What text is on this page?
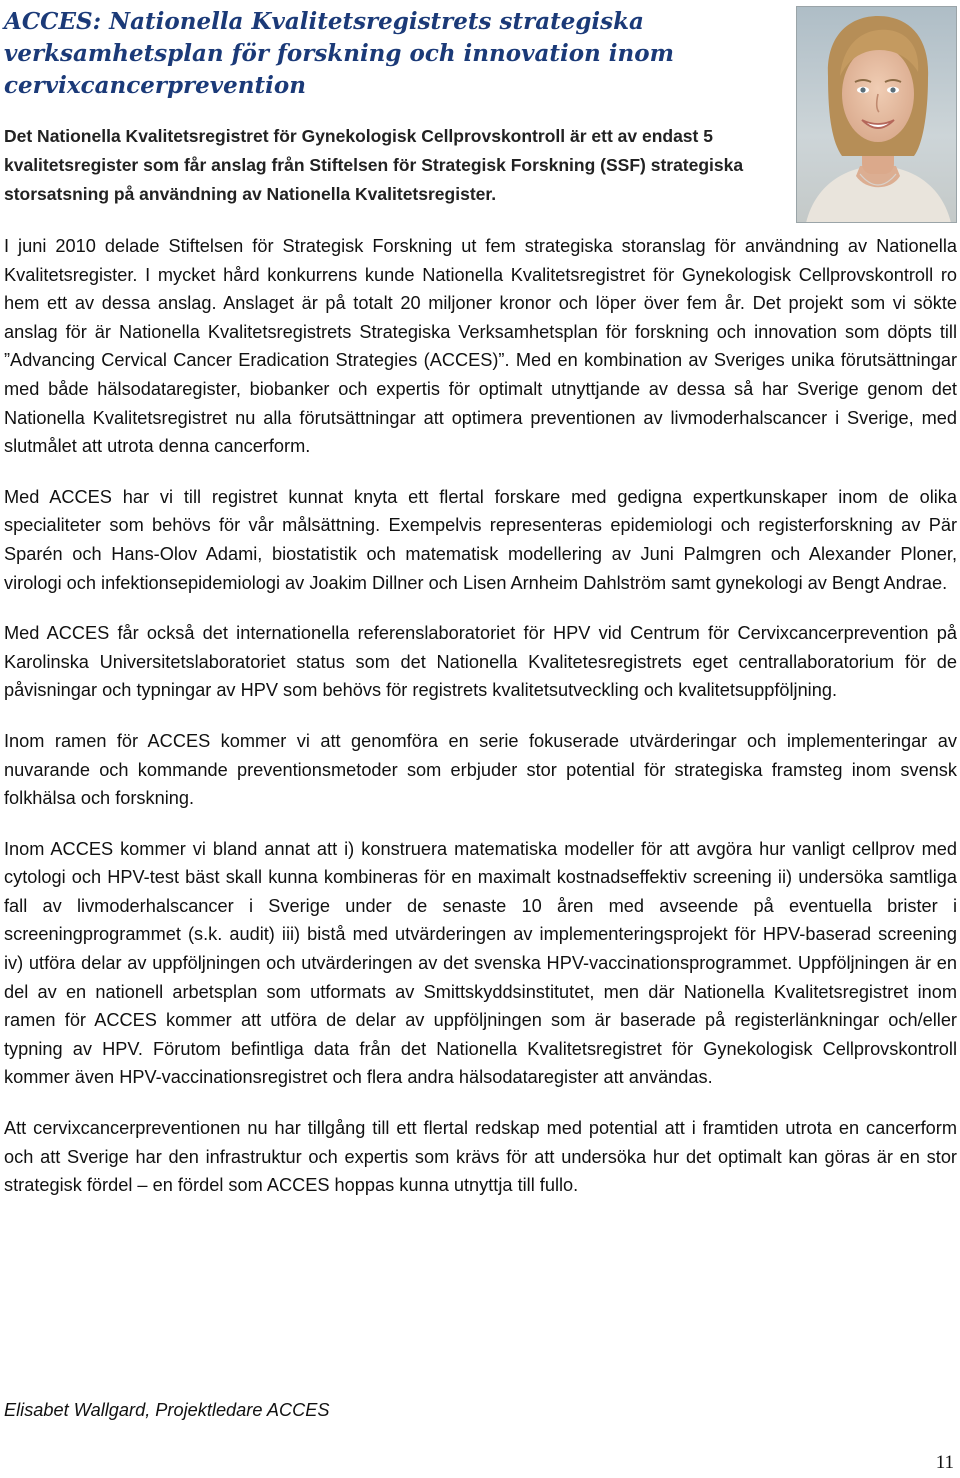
ACCES: Nationella Kvalitetsregistrets strategiska verksamhetsplan för forskning och innovation inom cervixcancerprevention

Det Nationella Kvalitetsregistret för Gynekologisk Cellprovskontroll är ett av endast 5 kvalitetsregister som får anslag från Stiftelsen för Strategisk Forskning (SSF) strategiska storsatsning på användning av Nationella Kvalitetsregister.

I juni 2010 delade Stiftelsen för Strategisk Forskning ut fem strategiska storanslag för användning av Nationella Kvalitetsregister. I mycket hård konkurrens kunde Nationella Kvalitetsregistret för Gynekologisk Cellprovskontroll ro hem ett av dessa anslag. Anslaget är på totalt 20 miljoner kronor och löper över fem år. Det projekt som vi sökte anslag för är Nationella Kvalitetsregistrets Strategiska Verksamhetsplan för forskning och innovation som döpts till ”Advancing Cervical Cancer Eradication Strategies (ACCES)”. Med en kombination av Sveriges unika förutsättningar med både hälsodataregister, biobanker och expertis för optimalt utnyttjande av dessa så har Sverige genom det Nationella Kvalitetsregistret nu alla förutsättningar att optimera preventionen av livmoderhalscancer i Sverige, med slutmålet att utrota denna cancerform.

Med ACCES har vi till registret kunnat knyta ett flertal forskare med gedigna expertkunskaper inom de olika specialiteter som behövs för vår målsättning. Exempelvis representeras epidemiologi och registerforskning av Pär Sparén och Hans-Olov Adami, biostatistik och matematisk modellering av Juni Palmgren och Alexander Ploner, virologi och infektionsepidemiologi av Joakim Dillner och Lisen Arnheim Dahlström samt gynekologi av Bengt Andrae.

Med ACCES får också det internationella referenslaboratoriet för HPV vid Centrum för Cervixcancerprevention på Karolinska Universitetslaboratoriet status som det Nationella Kvalitetesregistrets eget centrallaboratorium för de påvisningar och typningar av HPV som behövs för registrets kvalitetsutveckling och kvalitetsuppföljning.

Inom ramen för ACCES kommer vi att genomföra en serie fokuserade utvärderingar och implementeringar av nuvarande och kommande preventionsmetoder som erbjuder stor potential för strategiska framsteg inom svensk folkhälsa och forskning.

Inom ACCES kommer vi bland annat att i) konstruera matematiska modeller för att avgöra hur vanligt cellprov med cytologi och HPV-test bäst skall kunna kombineras för en maximalt kostnadseffektiv screening ii) undersöka samtliga fall av livmoderhalscancer i Sverige under de senaste 10 åren med avseende på eventuella brister i screeningprogrammet (s.k. audit) iii) bistå med utvärderingen av implementeringsprojekt för HPV-baserad screening iv) utföra delar av uppföljningen och utvärderingen av det svenska HPV-vaccinationsprogrammet. Uppföljningen är en del av en nationell arbetsplan som utformats av Smittskyddsinstitutet, men där Nationella Kvalitetsregistret inom ramen för ACCES kommer att utföra de delar av uppföljningen som är baserade på registerlänkningar och/eller typning av HPV. Förutom befintliga data från det Nationella Kvalitetsregistret för Gynekologisk Cellprovskontroll kommer även HPV-vaccinationsregistret och flera andra hälsodataregister att användas.

Att cervixcancerpreventionen nu har tillgång till ett flertal redskap med potential att i framtiden utrota en cancerform och att Sverige har den infrastruktur och expertis som krävs för att undersöka hur det optimalt kan göras är en stor strategisk fördel – en fördel som ACCES hoppas kunna utnyttja till fullo.

Elisabet Wallgard, Projektledare ACCES

11
